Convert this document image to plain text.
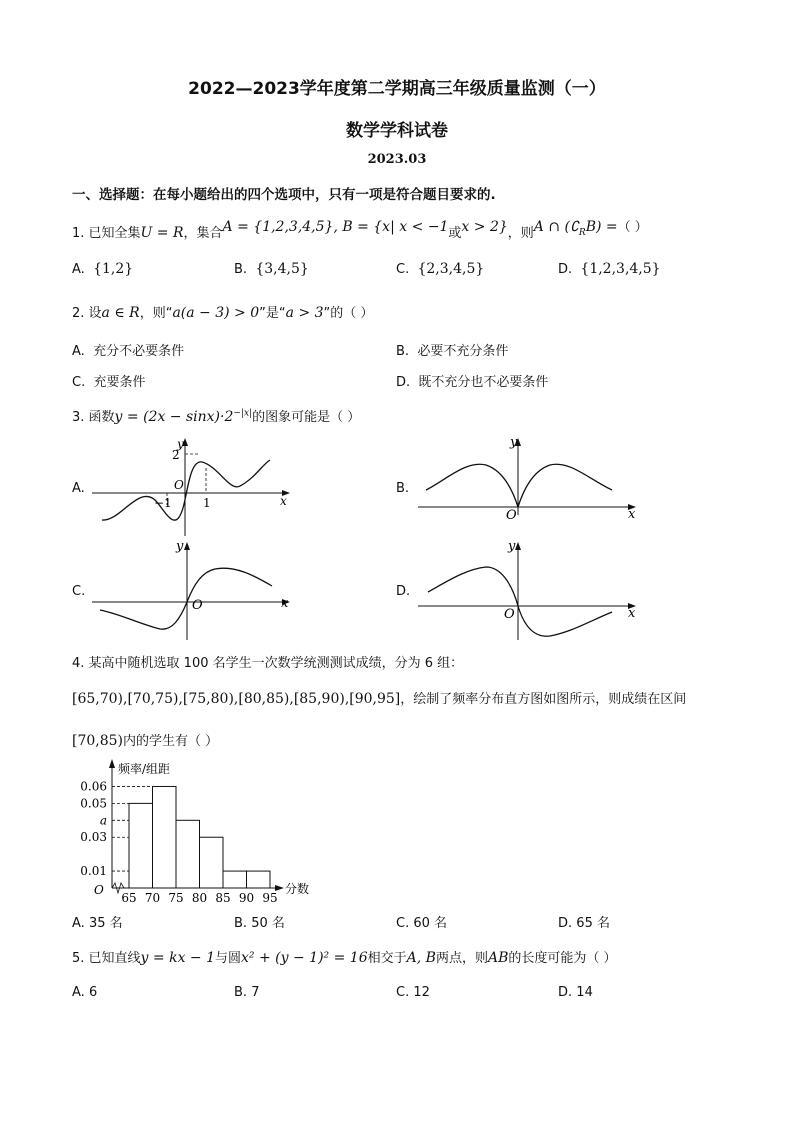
2022—2023学年度第二学期高三年级质量监测（一）
数学学科试卷
2023.03
一、选择题：在每小题给出的四个选项中，只有一项是符合题目要求的.
1. 已知全集U = R，集合A = {1,2,3,4,5}, B = {x| x < −1或x > 2}，则A ∩ $(∁_RB)$ =（ ）
A. {1,2}	B. {3,4,5}	C. {2,3,4,5}	D. {1,2,3,4,5}
2. 设a ∈ R，则“a(a − 3) > 0”是“a > 3”的（ ）
A. 充分不必要条件	B. 必要不充分条件
C. 充要条件	D. 既不充分也不必要条件
3. 函数$y = (2x - \sin x)\cdot 2^{-|x|}$的图象可能是（ ）
A.
y
2
O
−1	1	x
B.
y
O	x
C.
y
O	x
D.
y
O	x
4. 某高中随机选取 100 名学生一次数学统测测试成绩，分为 6 组：
[65,70),[70,75),[75,80),[80,85),[85,90),[90,95]，绘制了频率分布直方图如图所示，则成绩在区间
[70,85)内的学生有（ ）
频率/组距
分数
O
0.06
0.05
a
0.03
0.01
65 70 75 80 85 90 95
A. 35 名	B. 50 名	C. 60 名	D. 65 名
5. 已知直线y = kx − 1与圆x² + (y − 1)² = 16相交于A, B两点，则AB的长度可能为（ ）
A. 6	B. 7	C. 12	D. 14
